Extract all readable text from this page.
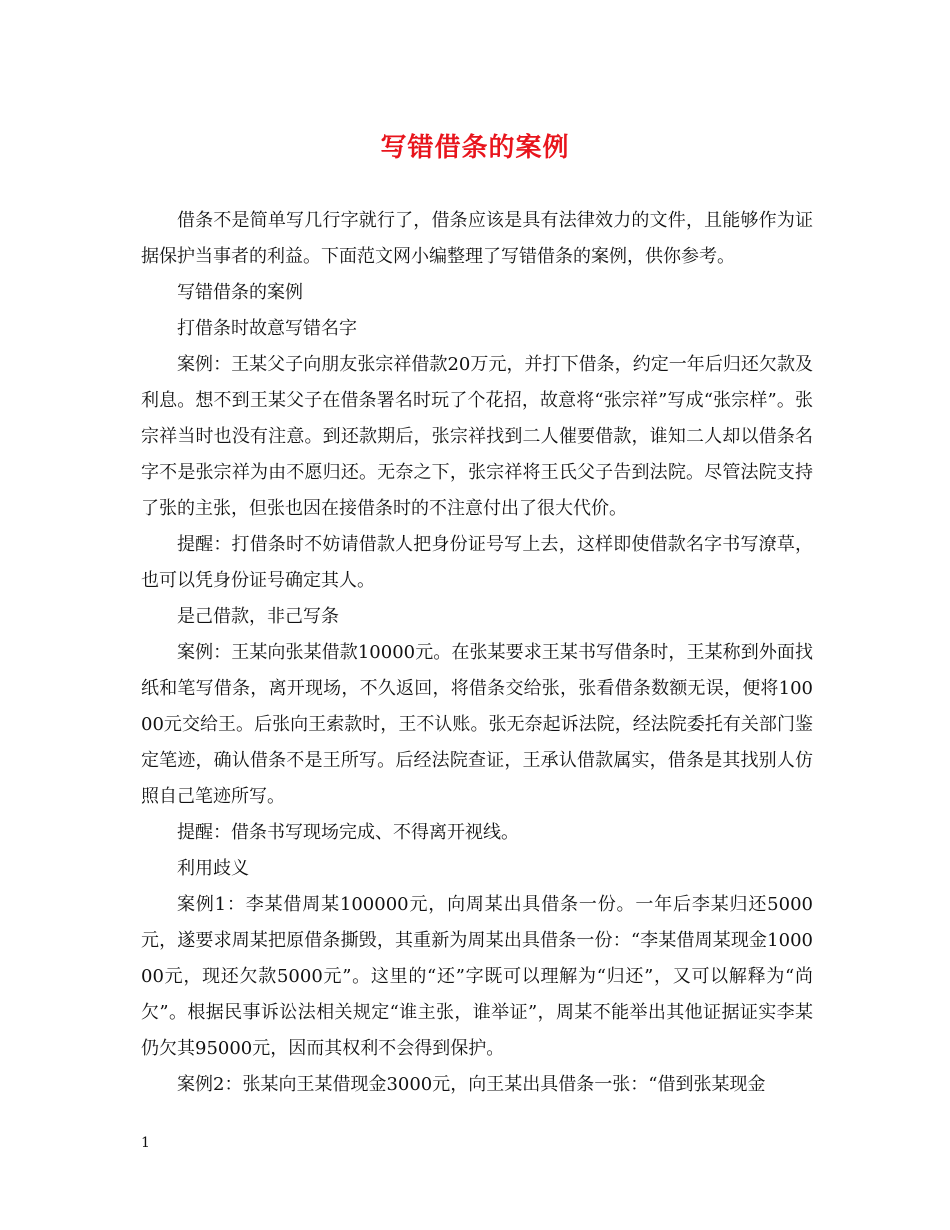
写错借条的案例

借条不是简单写几行字就行了，借条应该是具有法律效力的文件，且能够作为证据保护当事者的利益。下面范文网小编整理了写错借条的案例，供你参考。

写错借条的案例

打借条时故意写错名字

案例：王某父子向朋友张宗祥借款20万元，并打下借条，约定一年后归还欠款及利息。想不到王某父子在借条署名时玩了个花招，故意将“张宗祥”写成“张宗样”。张宗祥当时也没有注意。到还款期后，张宗祥找到二人催要借款，谁知二人却以借条名字不是张宗祥为由不愿归还。无奈之下，张宗祥将王氏父子告到法院。尽管法院支持了张的主张，但张也因在接借条时的不注意付出了很大代价。

提醒：打借条时不妨请借款人把身份证号写上去，这样即使借款名字书写潦草，也可以凭身份证号确定其人。

是己借款，非己写条

案例：王某向张某借款10000元。在张某要求王某书写借条时，王某称到外面找纸和笔写借条，离开现场，不久返回，将借条交给张，张看借条数额无误，便将10000元交给王。后张向王索款时，王不认账。张无奈起诉法院，经法院委托有关部门鉴定笔迹，确认借条不是王所写。后经法院查证，王承认借款属实，借条是其找别人仿照自己笔迹所写。

提醒：借条书写现场完成、不得离开视线。

利用歧义

案例1：李某借周某100000元，向周某出具借条一份。一年后李某归还5000元，遂要求周某把原借条撕毁，其重新为周某出具借条一份：“李某借周某现金100000元，现还欠款5000元”。这里的“还”字既可以理解为“归还”，又可以解释为“尚欠”。根据民事诉讼法相关规定“谁主张，谁举证”，周某不能举出其他证据证实李某仍欠其95000元，因而其权利不会得到保护。

案例2：张某向王某借现金3000元，向王某出具借条一张：“借到张某现金

1
